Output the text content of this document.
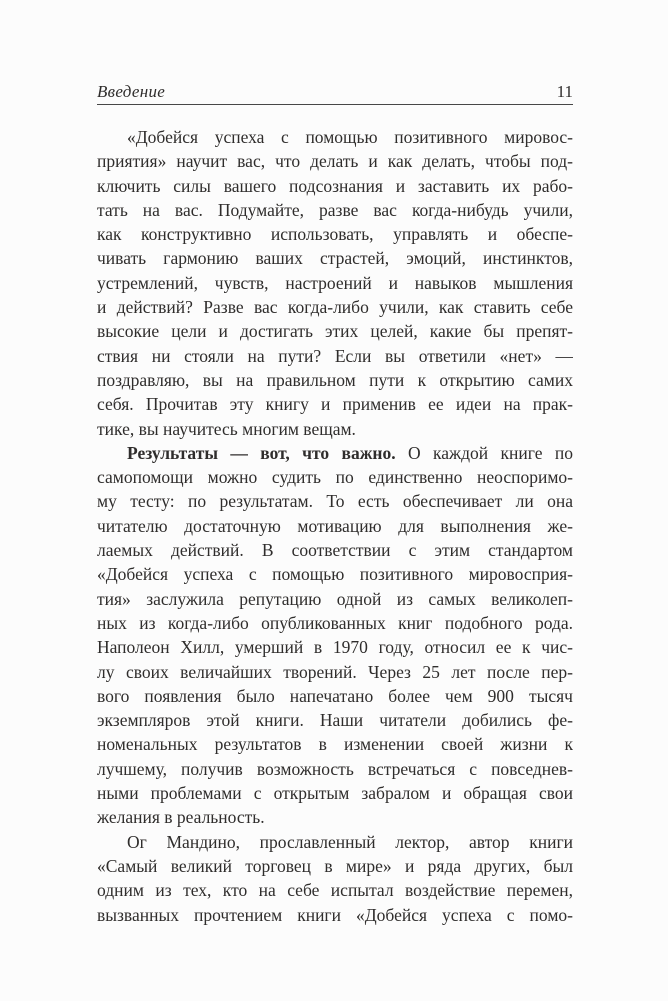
Введение	11
«Добейся успеха с помощью позитивного мировос-
приятия» научит вас, что делать и как делать, чтобы под-
ключить силы вашего подсознания и заставить их рабо-
тать на вас. Подумайте, разве вас когда-нибудь учили,
как конструктивно использовать, управлять и обеспе-
чивать гармонию ваших страстей, эмоций, инстинктов,
устремлений, чувств, настроений и навыков мышления
и действий? Разве вас когда-либо учили, как ставить себе
высокие цели и достигать этих целей, какие бы препят-
ствия ни стояли на пути? Если вы ответили «нет» —
поздравляю, вы на правильном пути к открытию самих
себя. Прочитав эту книгу и применив ее идеи на прак-
тике, вы научитесь многим вещам.
Результаты — вот, что важно. О каждой книге по
самопомощи можно судить по единственно неоспоримо-
му тесту: по результатам. То есть обеспечивает ли она
читателю достаточную мотивацию для выполнения же-
лаемых действий. В соответствии с этим стандартом
«Добейся успеха с помощью позитивного мировосприя-
тия» заслужила репутацию одной из самых великолеп-
ных из когда-либо опубликованных книг подобного рода.
Наполеон Хилл, умерший в 1970 году, относил ее к чис-
лу своих величайших творений. Через 25 лет после пер-
вого появления было напечатано более чем 900 тысяч
экземпляров этой книги. Наши читатели добились фе-
номенальных результатов в изменении своей жизни к
лучшему, получив возможность встречаться с повседнев-
ными проблемами с открытым забралом и обращая свои
желания в реальность.
Ог Мандино, прославленный лектор, автор книги
«Самый великий торговец в мире» и ряда других, был
одним из тех, кто на себе испытал воздействие перемен,
вызванных прочтением книги «Добейся успеха с помо-
